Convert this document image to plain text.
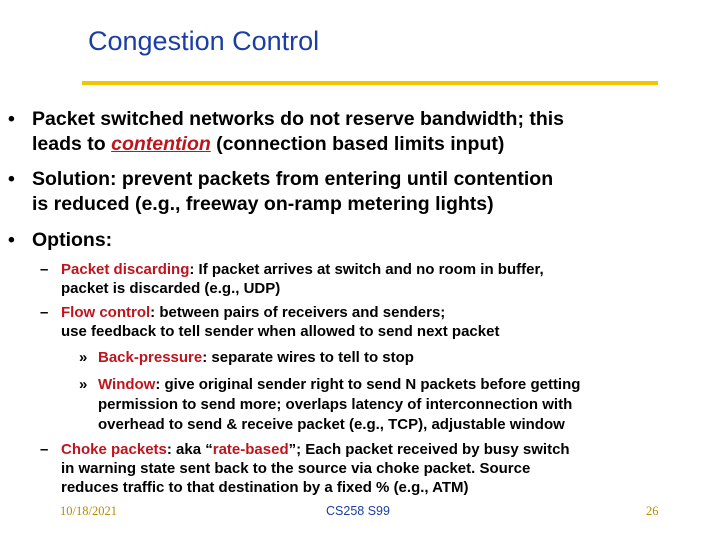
Congestion Control
• Packet switched networks do not reserve bandwidth; this
leads to contention (connection based limits input)
• Solution: prevent packets from entering until contention
is reduced (e.g., freeway on-ramp metering lights)
• Options:
– Packet discarding: If packet arrives at switch and no room in buffer,
packet is discarded (e.g., UDP)
– Flow control: between pairs of receivers and senders;
use feedback to tell sender when allowed to send next packet
» Back-pressure: separate wires to tell to stop
» Window: give original sender right to send N packets before getting
permission to send more; overlaps latency of interconnection with
overhead to send & receive packet (e.g., TCP), adjustable window
– Choke packets: aka “rate-based”; Each packet received by busy switch
in warning state sent back to the source via choke packet. Source
reduces traffic to that destination by a fixed % (e.g., ATM)
10/18/2021	CS258 S99	26
